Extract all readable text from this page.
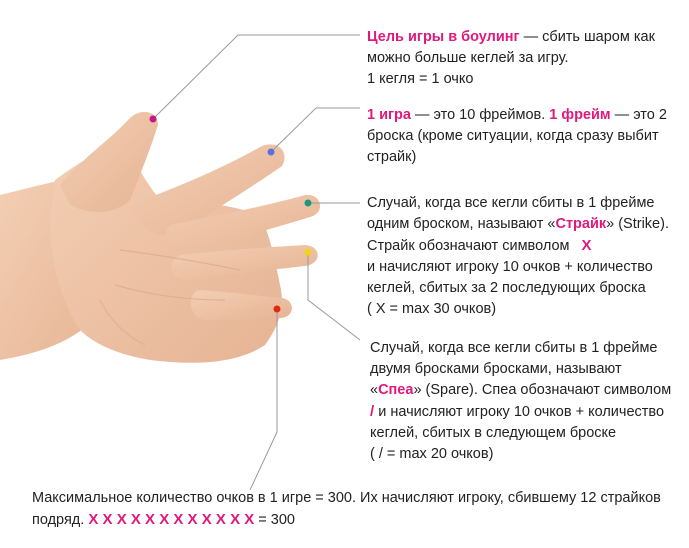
Цель игры в боулинг — сбить шаром как
можно больше кеглей за игру.
1 кегля = 1 очко
1 игра — это 10 фреймов. 1 фрейм — это 2
броска (кроме ситуации, когда сразу выбит
страйк)
Случай, когда все кегли сбиты в 1 фрейме
одним броском, называют «Страйк» (Strike).
Страйк обозначают символом X
и начисляют игроку 10 очков + количество
кеглей, сбитых за 2 последующих броска
( X = max 30 очков)
Случай, когда все кегли сбиты в 1 фрейме
двумя бросками бросками, называют
«Спеа» (Spare). Спеа обозначают символом
/ и начисляют игроку 10 очков + количество
кеглей, сбитых в следующем броске
( / = max 20 очков)
Максимальное количество очков в 1 игре = 300. Их начисляют игроку, сбившему 12 страйков
подряд. X X X X X X X X X X X X = 300
